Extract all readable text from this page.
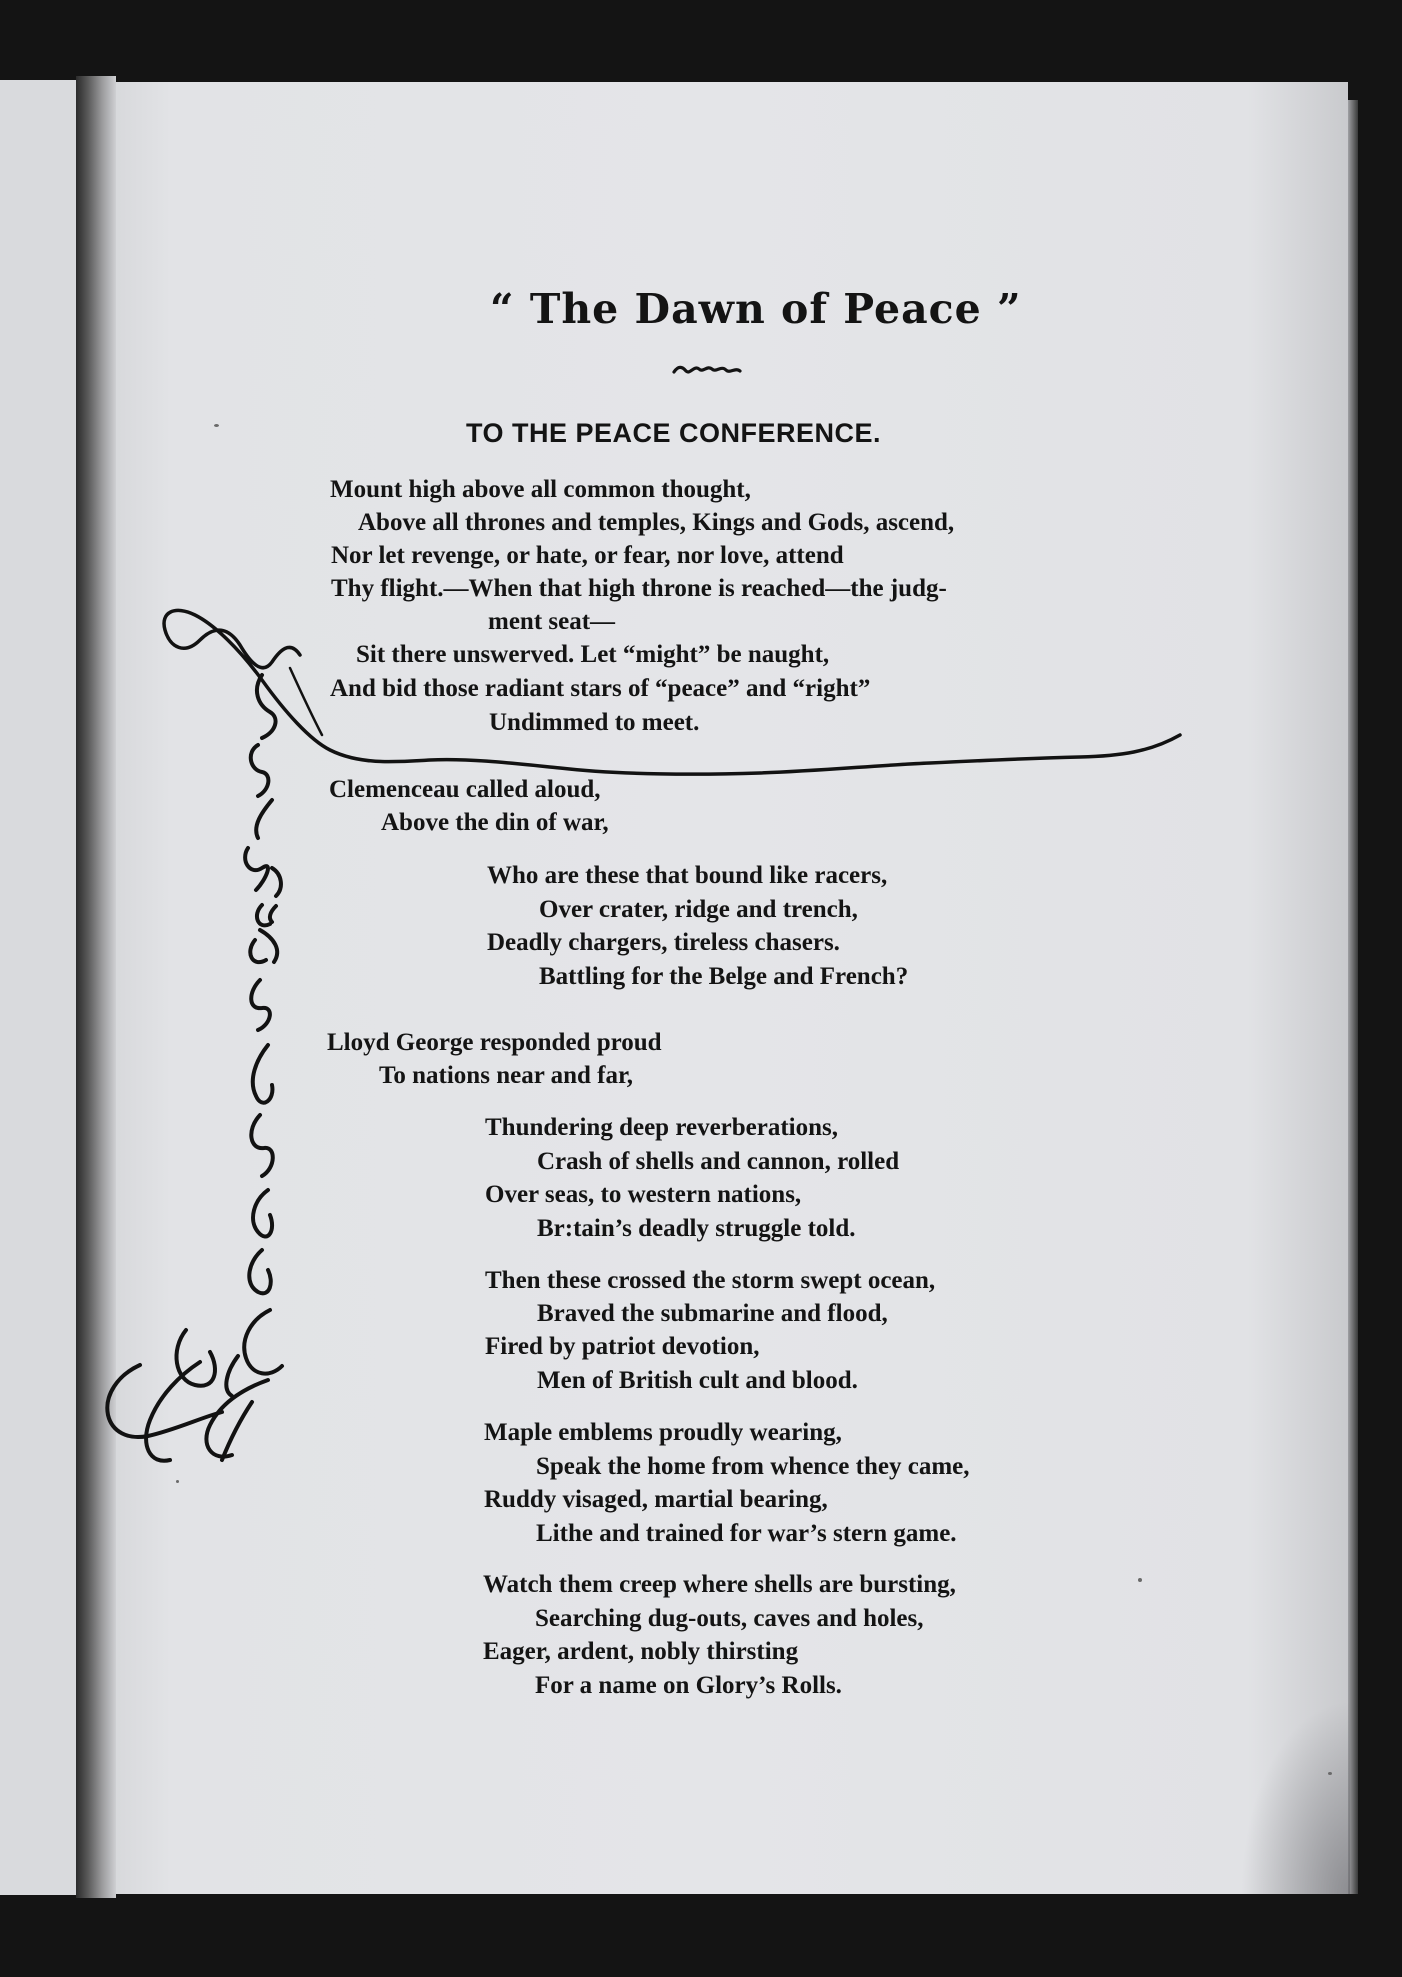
“ The Dawn of Peace ”
TO THE PEACE CONFERENCE.
Mount high above all common thought,
Above all thrones and temples, Kings and Gods, ascend,
Nor let revenge, or hate, or fear, nor love, attend
Thy flight.—When that high throne is reached—the judg-
ment seat—
Sit there unswerved. Let “might” be naught,
And bid those radiant stars of “peace” and “right”
Undimmed to meet.
Clemenceau called aloud,
Above the din of war,
Who are these that bound like racers,
Over crater, ridge and trench,
Deadly chargers, tireless chasers.
Battling for the Belge and French?
Lloyd George responded proud
To nations near and far,
Thundering deep reverberations,
Crash of shells and cannon, rolled
Over seas, to western nations,
Br:tain’s deadly struggle told.
Then these crossed the storm swept ocean,
Braved the submarine and flood,
Fired by patriot devotion,
Men of British cult and blood.
Maple emblems proudly wearing,
Speak the home from whence they came,
Ruddy visaged, martial bearing,
Lithe and trained for war’s stern game.
Watch them creep where shells are bursting,
Searching dug-outs, caves and holes,
Eager, ardent, nobly thirsting
For a name on Glory’s Rolls.
